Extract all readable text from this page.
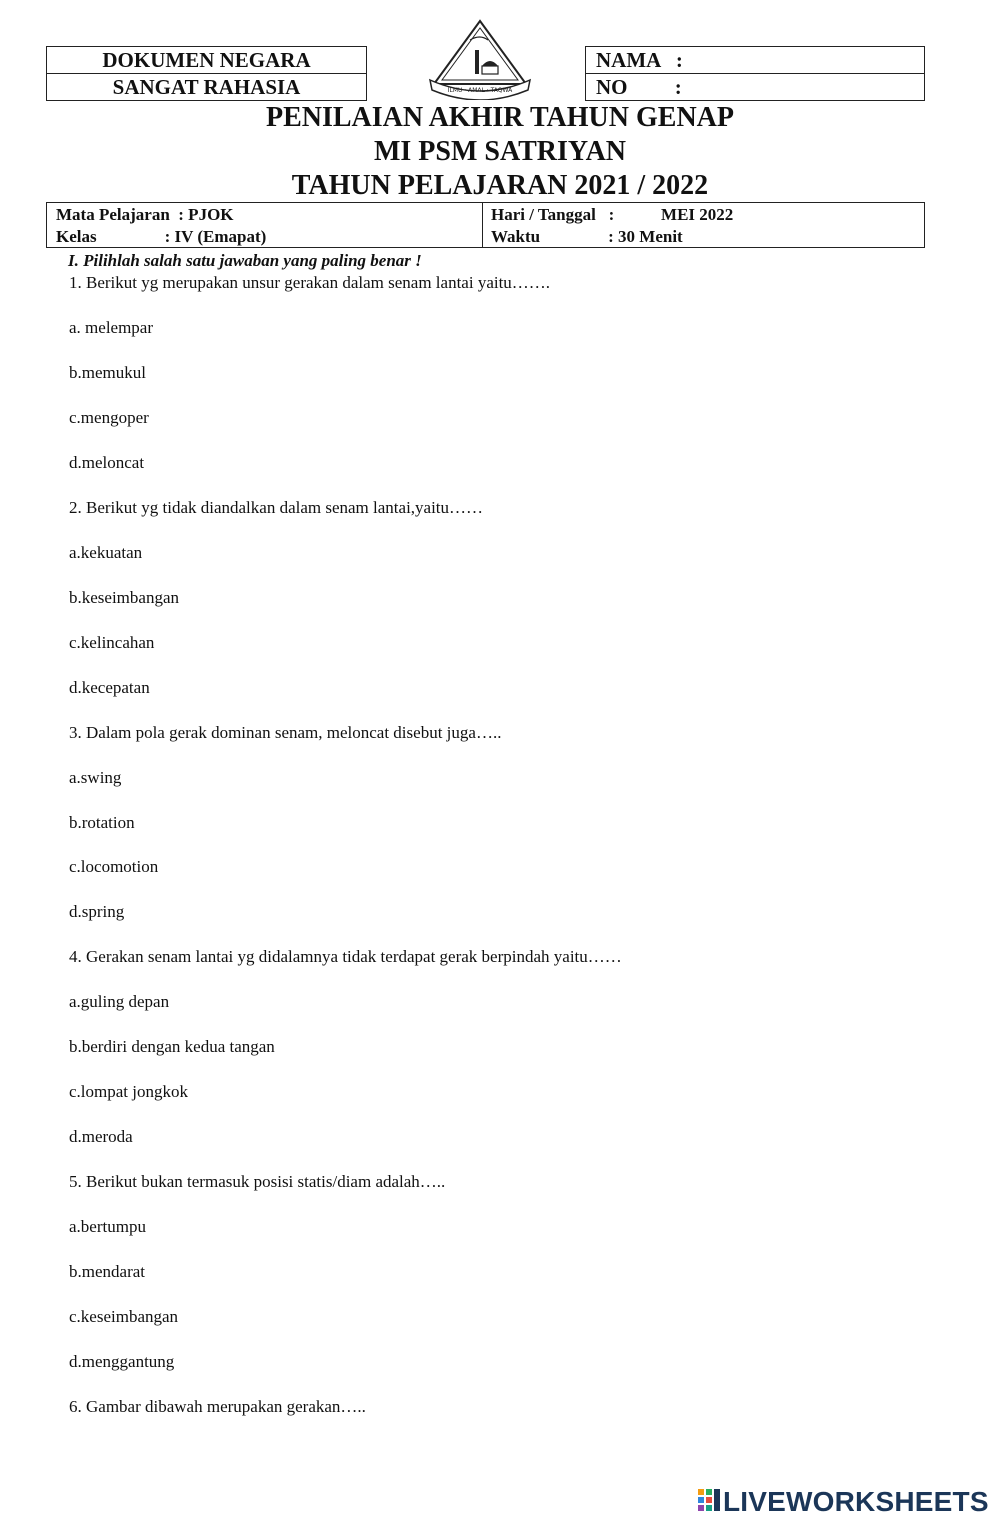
DOKUMEN NEGARA
SANGAT RAHASIA	ILMU · AMAL · TAQWA
NAMA   :
NO         :
PENILAIAN AKHIR TAHUN GENAP
MI PSM SATRIYAN
TAHUN PELAJARAN 2021 / 2022
Mata Pelajaran  : PJOK
Kelas                : IV (Emapat)
Hari / Tanggal   :           MEI 2022
Waktu                : 30 Menit
I. Pilihlah salah satu jawaban yang paling benar !
1. Berikut yg merupakan unsur gerakan dalam senam lantai yaitu…….
a. melempar
b.memukul
c.mengoper
d.meloncat
2. Berikut yg tidak diandalkan dalam senam lantai,yaitu……
a.kekuatan
b.keseimbangan
c.kelincahan
d.kecepatan
3. Dalam pola gerak dominan senam, meloncat disebut juga…..
a.swing
b.rotation
c.locomotion
d.spring
4. Gerakan senam lantai yg didalamnya tidak terdapat gerak berpindah yaitu……
a.guling depan
b.berdiri dengan kedua tangan
c.lompat jongkok
d.meroda
5. Berikut bukan termasuk posisi statis/diam adalah…..
a.bertumpu
b.mendarat
c.keseimbangan
d.menggantung
6. Gambar dibawah merupakan gerakan…..
LIVEWORKSHEETS
